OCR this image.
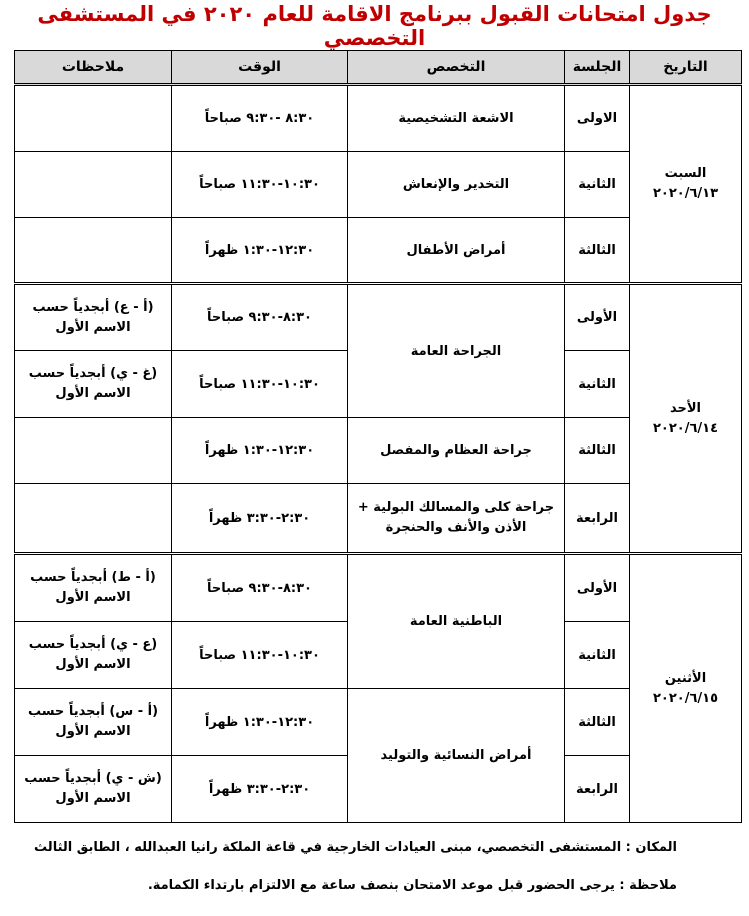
جدول امتحانات القبول ببرنامج الاقامة للعام ٢٠٢٠ في المستشفى التخصصي
التاريخ	الجلسة	التخصص	الوقت	ملاحظات
السبت
٢٠٢٠/٦/١٣	الاولى	الاشعة التشخيصية	٨:٣٠ -٩:٣٠ صباحاً	
	الثانية	التخدير والإنعاش	١٠:٣٠-١١:٣٠ صباحاً	
	الثالثة	أمراض الأطفال	١٢:٣٠-١:٣٠ ظهراً	
الأحد
٢٠٢٠/٦/١٤	الأولى	الجراحة العامة	٨:٣٠-٩:٣٠ صباحاً	(أ - ع) أبجدياً حسب الاسم الأول
	الثانية		١٠:٣٠-١١:٣٠ صباحاً	(غ - ي) أبجدياً حسب الاسم الأول
	الثالثة	جراحة العظام والمفصل	١٢:٣٠-١:٣٠ ظهراً	
	الرابعة	جراحة كلى والمسالك البولية + الأذن والأنف والحنجرة	٢:٣٠-٣:٣٠ ظهراً	
الأثنين
٢٠٢٠/٦/١٥	الأولى	الباطنية العامة	٨:٣٠-٩:٣٠ صباحاً	(أ - ط) أبجدياً حسب الاسم الأول
	الثانية		١٠:٣٠-١١:٣٠ صباحاً	(ع - ي) أبجدياً حسب الاسم الأول
	الثالثة	أمراض النسائية والتوليد	١٢:٣٠-١:٣٠ ظهراً	(أ - س) أبجدياً حسب الاسم الأول
	الرابعة		٢:٣٠-٣:٣٠ ظهراً	(ش - ي) أبجدياً حسب الاسم الأول
المكان : المستشفى التخصصي، مبنى العيادات الخارجية في قاعة الملكة رانيا العبدالله ، الطابق الثالث
ملاحظة : يرجى الحضور قبل موعد الامتحان بنصف ساعة مع الالتزام بارتداء الكمامة.
